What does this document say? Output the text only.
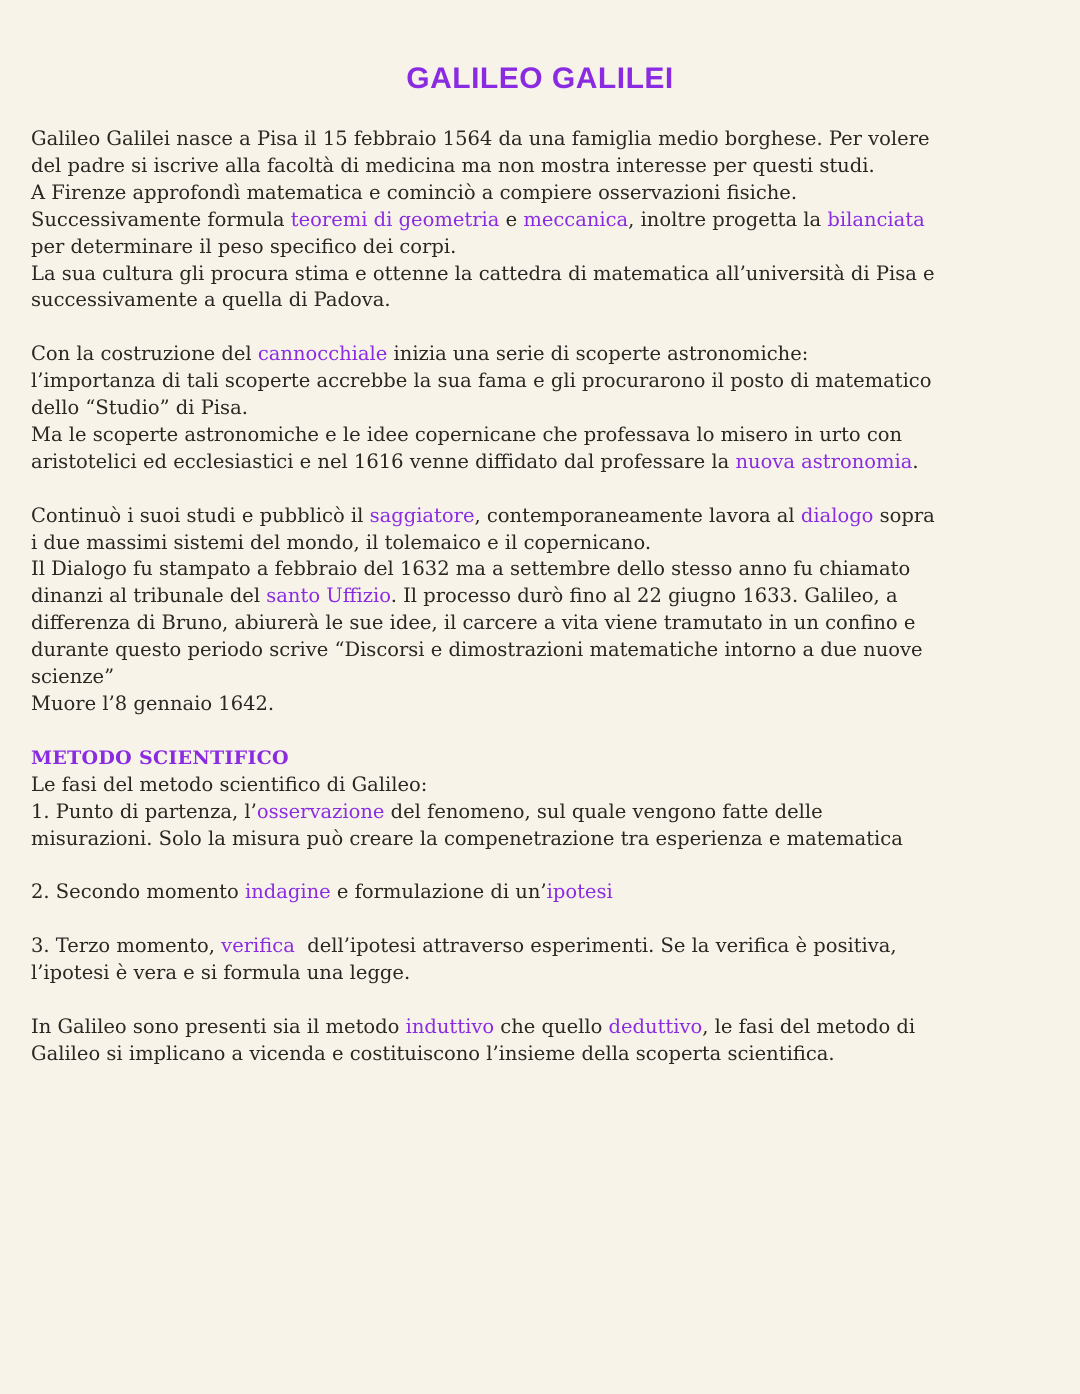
GALILEO GALILEI

Galileo Galilei nasce a Pisa il 15 febbraio 1564 da una famiglia medio borghese. Per volere

del padre si iscrive alla facoltà di medicina ma non mostra interesse per questi studi.

A Firenze approfondì matematica e cominciò a compiere osservazioni fisiche.

Successivamente formula teoremi di geometria e meccanica, inoltre progetta la bilanciata

per determinare il peso specifico dei corpi.

La sua cultura gli procura stima e ottenne la cattedra di matematica all’università di Pisa e

successivamente a quella di Padova.

Con la costruzione del cannocchiale inizia una serie di scoperte astronomiche:

l’importanza di tali scoperte accrebbe la sua fama e gli procurarono il posto di matematico

dello “Studio” di Pisa.

Ma le scoperte astronomiche e le idee copernicane che professava lo misero in urto con

aristotelici ed ecclesiastici e nel 1616 venne diffidato dal professare la nuova astronomia.

Continuò i suoi studi e pubblicò il saggiatore, contemporaneamente lavora al dialogo sopra

i due massimi sistemi del mondo, il tolemaico e il copernicano.

Il Dialogo fu stampato a febbraio del 1632 ma a settembre dello stesso anno fu chiamato

dinanzi al tribunale del santo Uffizio. Il processo durò fino al 22 giugno 1633. Galileo, a

differenza di Bruno, abiurerà le sue idee, il carcere a vita viene tramutato in un confino e

durante questo periodo scrive “Discorsi e dimostrazioni matematiche intorno a due nuove

scienze”

Muore l’8 gennaio 1642.

METODO SCIENTIFICO

Le fasi del metodo scientifico di Galileo:

1. Punto di partenza, l’osservazione del fenomeno, sul quale vengono fatte delle

misurazioni. Solo la misura può creare la compenetrazione tra esperienza e matematica

2. Secondo momento indagine e formulazione di un’ipotesi

3. Terzo momento, verifica  dell’ipotesi attraverso esperimenti. Se la verifica è positiva,

l’ipotesi è vera e si formula una legge.

In Galileo sono presenti sia il metodo induttivo che quello deduttivo, le fasi del metodo di

Galileo si implicano a vicenda e costituiscono l’insieme della scoperta scientifica.
